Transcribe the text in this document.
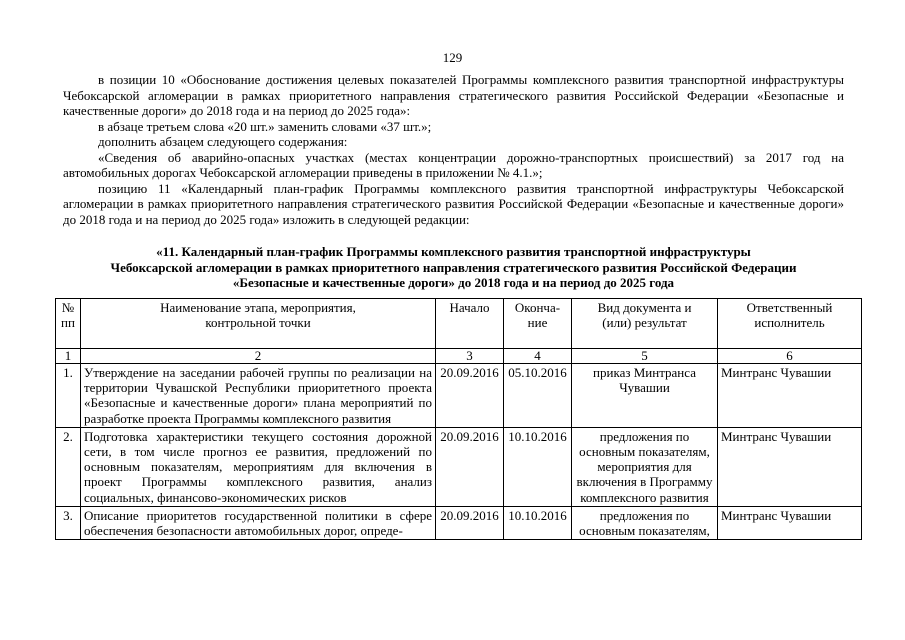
129

в позиции 10 «Обоснование достижения целевых показателей Программы комплексного развития транспортной инфраструктуры Чебоксарской агломерации в рамках приоритетного направления стратегического развития Российской Федерации «Безопасные и качественные дороги» до 2018 года и на период до 2025 года»:

в абзаце третьем слова «20 шт.» заменить словами «37 шт.»;

дополнить абзацем следующего содержания:

«Сведения об аварийно-опасных участках (местах концентрации дорожно-транспортных происшествий) за 2017 год на автомобильных дорогах Чебоксарской агломерации приведены в приложении № 4.1.»;

позицию 11 «Календарный план-график Программы комплексного развития транспортной инфраструктуры Чебоксарской агломерации в рамках приоритетного направления стратегического развития Российской Федерации «Безопасные и качественные дороги» до 2018 года и на период до 2025 года» изложить в следующей редакции:

«11. Календарный план-график Программы комплексного развития транспортной инфраструктуры
Чебоксарской агломерации в рамках приоритетного направления стратегического развития Российской Федерации
«Безопасные и качественные дороги» до 2018 года и на период до 2025 года
№ пп	Наименование этапа, мероприятия, контрольной точки	Начало	Оконча-ние	Вид документа и (или) результат	Ответственный исполнитель

1	2	3	4	5	6
1.	Утверждение на заседании рабочей группы по реализации на территории Чувашской Республики приоритетного проекта «Безопасные и качественные дороги» плана мероприятий по разработке проекта Программы комплексного развития	20.09.2016	05.10.2016	приказ Минтранса Чувашии	Минтранс Чувашии
2.	Подготовка характеристики текущего состояния дорожной сети, в том числе прогноз ее развития, предложений по основным показателям, мероприятиям для включения в проект Программы комплексного развития, анализ социальных, финансово-экономических рисков	20.09.2016	10.10.2016	предложения по основным показателям, мероприятия для включения в Программу комплексного развития	Минтранс Чувашии
3.	Описание приоритетов государственной политики в сфере обеспечения безопасности автомобильных дорог, опреде-	20.09.2016	10.10.2016	предложения по основным показателям,	Минтранс Чувашии
